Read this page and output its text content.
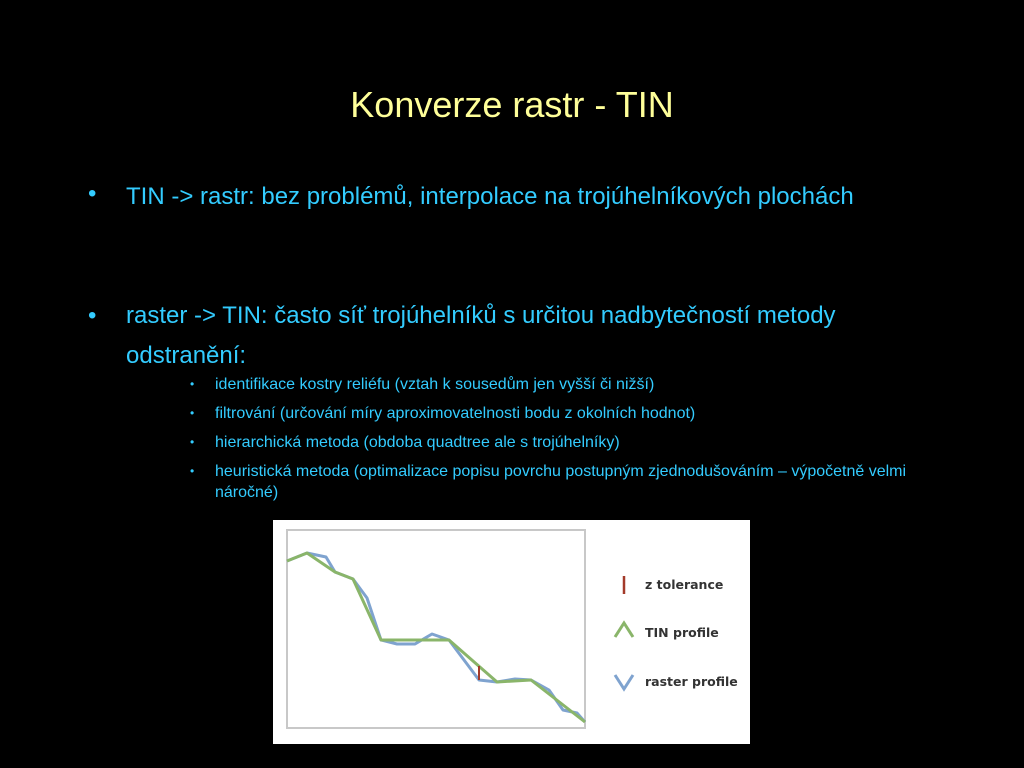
Konverze rastr - TIN
• TIN -> rastr: bez problémů, interpolace na trojúhelníkových plochách
• raster -> TIN: často síť trojúhelníků s určitou nadbytečností metody odstranění:
• identifikace kostry reliéfu (vztah k sousedům jen vyšší či nižší)
• filtrování (určování míry aproximovatelnosti bodu z okolních hodnot)
• hierarchická metoda (obdoba quadtree ale s trojúhelníky)
• heuristická metoda (optimalizace popisu povrchu postupným zjednodušováním – výpočetně velmi náročné)
z tolerance
TIN profile
raster profile
